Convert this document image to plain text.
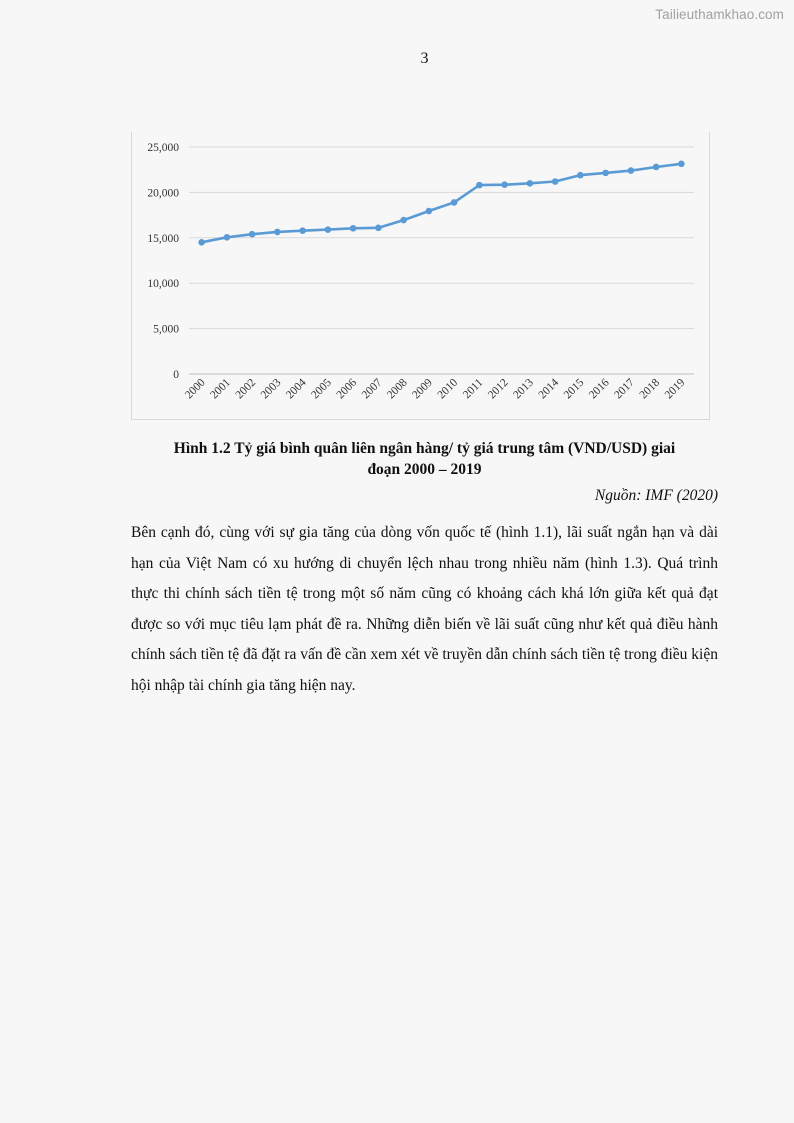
Tailieuthamkhao.com
3
0
5,000
10,000
15,000
20,000
25,000
2000 2001 2002 2003 2004 2005 2006 2007 2008 2009 2010 2011 2012 2013 2014 2015 2016 2017 2018 2019
Hình 1.2 Tỷ giá bình quân liên ngân hàng/ tỷ giá trung tâm (VND/USD) giai
đoạn 2000 – 2019
Nguồn: IMF (2020)
Bên cạnh đó, cùng với sự gia tăng của dòng vốn quốc tế (hình 1.1), lãi suất ngắn hạn và dài hạn của Việt Nam có xu hướng di chuyển lệch nhau trong nhiều năm (hình 1.3). Quá trình thực thi chính sách tiền tệ trong một số năm cũng có khoảng cách khá lớn giữa kết quả đạt được so với mục tiêu lạm phát đề ra. Những diễn biến về lãi suất cũng như kết quả điều hành chính sách tiền tệ đã đặt ra vấn đề cần xem xét về truyền dẫn chính sách tiền tệ trong điều kiện hội nhập tài chính gia tăng hiện nay.
